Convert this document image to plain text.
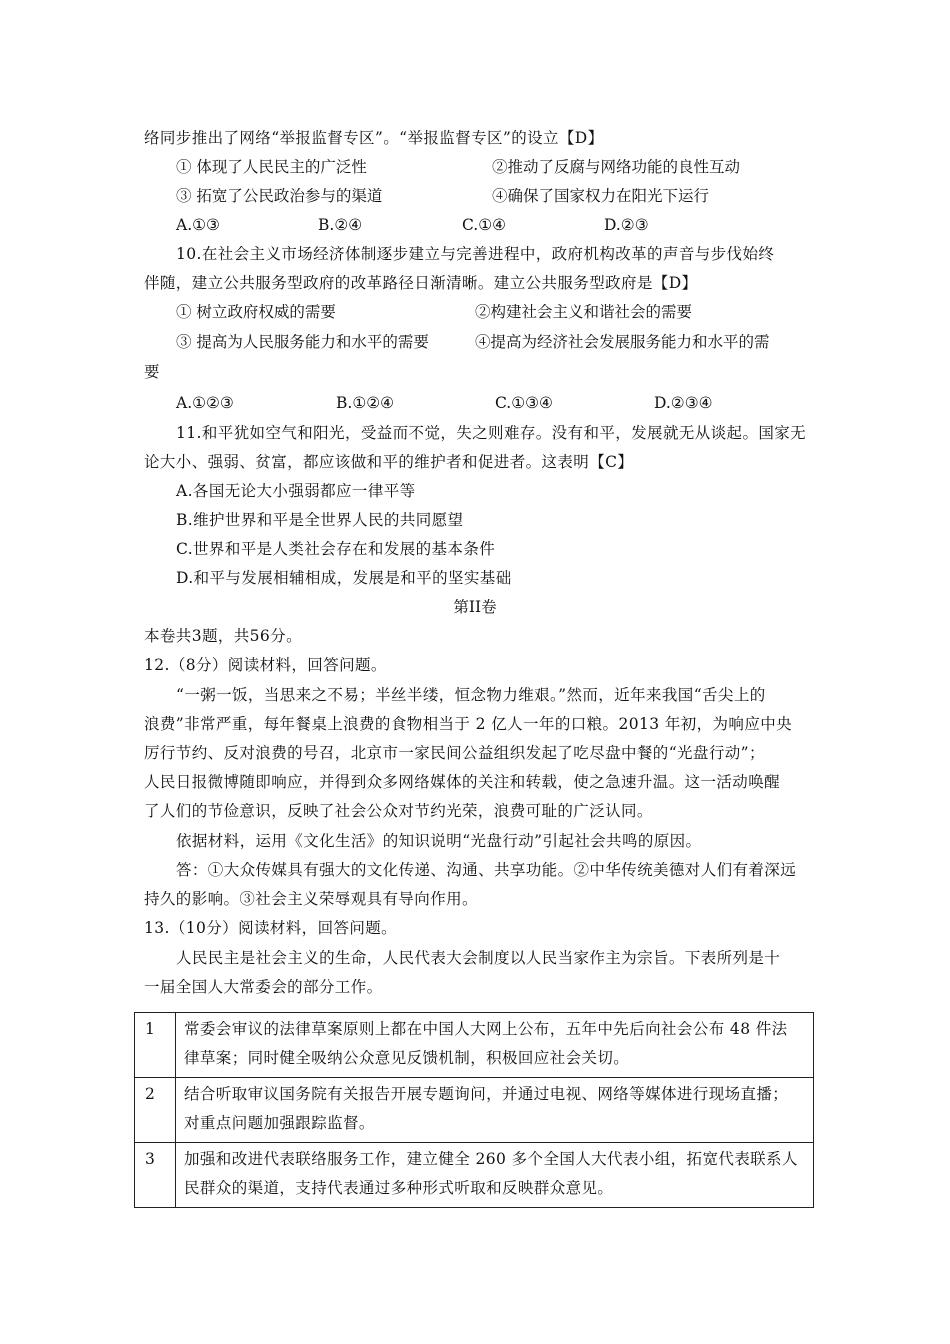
络同步推出了网络“举报监督专区”。“举报监督专区”的设立【D】
① 体现了人民民主的广泛性	②推动了反腐与网络功能的良性互动
③ 拓宽了公民政治参与的渠道	④确保了国家权力在阳光下运行
A.①③	B.②④	C.①④	D.②③
10.在社会主义市场经济体制逐步建立与完善进程中，政府机构改革的声音与步伐始终
伴随，建立公共服务型政府的改革路径日渐清晰。建立公共服务型政府是【D】
① 树立政府权威的需要	②构建社会主义和谐社会的需要
③ 提高为人民服务能力和水平的需要	④提高为经济社会发展服务能力和水平的需
要
A.①②③	B.①②④	C.①③④	D.②③④
11.和平犹如空气和阳光，受益而不觉，失之则难存。没有和平，发展就无从谈起。国家无
论大小、强弱、贫富，都应该做和平的维护者和促进者。这表明【C】
A.各国无论大小强弱都应一律平等
B.维护世界和平是全世界人民的共同愿望
C.世界和平是人类社会存在和发展的基本条件
D.和平与发展相辅相成，发展是和平的坚实基础
第II卷
本卷共3题，共56分。
12.（8分）阅读材料，回答问题。
“一粥一饭，当思来之不易；半丝半缕，恒念物力维艰。”然而，近年来我国“舌尖上的
浪费”非常严重，每年餐桌上浪费的食物相当于 2 亿人一年的口粮。2013 年初，为响应中央
厉行节约、反对浪费的号召，北京市一家民间公益组织发起了吃尽盘中餐的“光盘行动”；
人民日报微博随即响应，并得到众多网络媒体的关注和转载，使之急速升温。这一活动唤醒
了人们的节俭意识，反映了社会公众对节约光荣，浪费可耻的广泛认同。
依据材料，运用《文化生活》的知识说明“光盘行动”引起社会共鸣的原因。
答：①大众传媒具有强大的文化传递、沟通、共享功能。②中华传统美德对人们有着深远
持久的影响。③社会主义荣辱观具有导向作用。
13.（10分）阅读材料，回答问题。
人民民主是社会主义的生命，人民代表大会制度以人民当家作主为宗旨。下表所列是十
一届全国人大常委会的部分工作。
1	常委会审议的法律草案原则上都在中国人大网上公布，五年中先后向社会公布 48 件法
律草案；同时健全吸纳公众意见反馈机制，积极回应社会关切。

2	结合听取审议国务院有关报告开展专题询问，并通过电视、网络等媒体进行现场直播；
对重点问题加强跟踪监督。

3	加强和改进代表联络服务工作，建立健全 260 多个全国人大代表小组，拓宽代表联系人
民群众的渠道，支持代表通过多种形式听取和反映群众意见。
